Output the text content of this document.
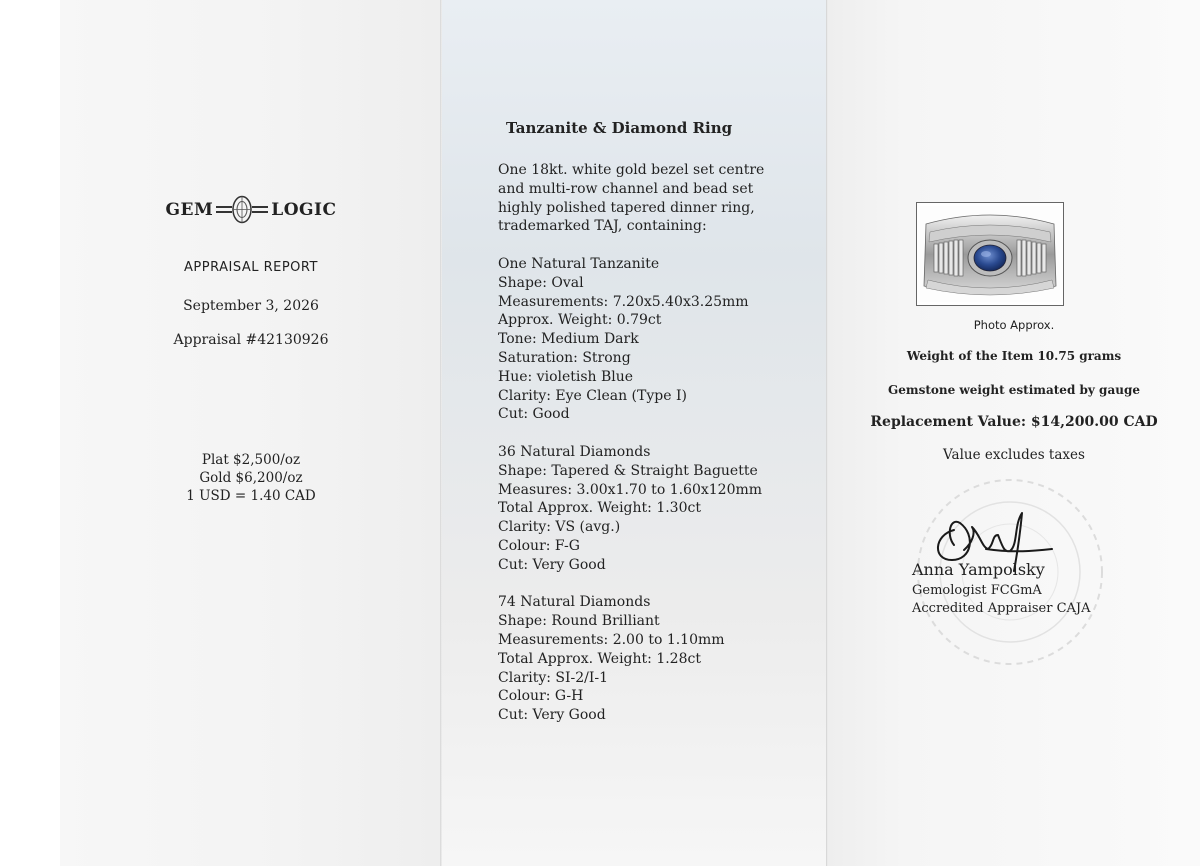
GEM	LOGIC
APPRAISAL REPORT
September 3, 2026
Appraisal #42130926
Plat $2,500/oz
Gold $6,200/oz
1 USD = 1.40 CAD
Tanzanite & Diamond Ring

One 18kt. white gold bezel set centre

and multi-row channel and bead set

highly polished tapered dinner ring,

trademarked TAJ, containing:

One Natural Tanzanite

Shape: Oval

Measurements: 7.20x5.40x3.25mm

Approx. Weight: 0.79ct

Tone: Medium Dark

Saturation: Strong

Hue: violetish Blue

Clarity: Eye Clean (Type I)

Cut: Good

36 Natural Diamonds

Shape: Tapered & Straight Baguette

Measures: 3.00x1.70 to 1.60x120mm

Total Approx. Weight: 1.30ct

Clarity: VS (avg.)

Colour: F-G

Cut: Very Good

74 Natural Diamonds

Shape: Round Brilliant

Measurements: 2.00 to 1.10mm

Total Approx. Weight: 1.28ct

Clarity: SI-2/I-1

Colour: G-H

Cut: Very Good

Photo Approx.
Weight of the Item 10.75 grams
Gemstone weight estimated by gauge
Replacement Value: $14,200.00 CAD
Value excludes taxes
Anna Yampolsky
Gemologist FCGmA
Accredited Appraiser CAJA
